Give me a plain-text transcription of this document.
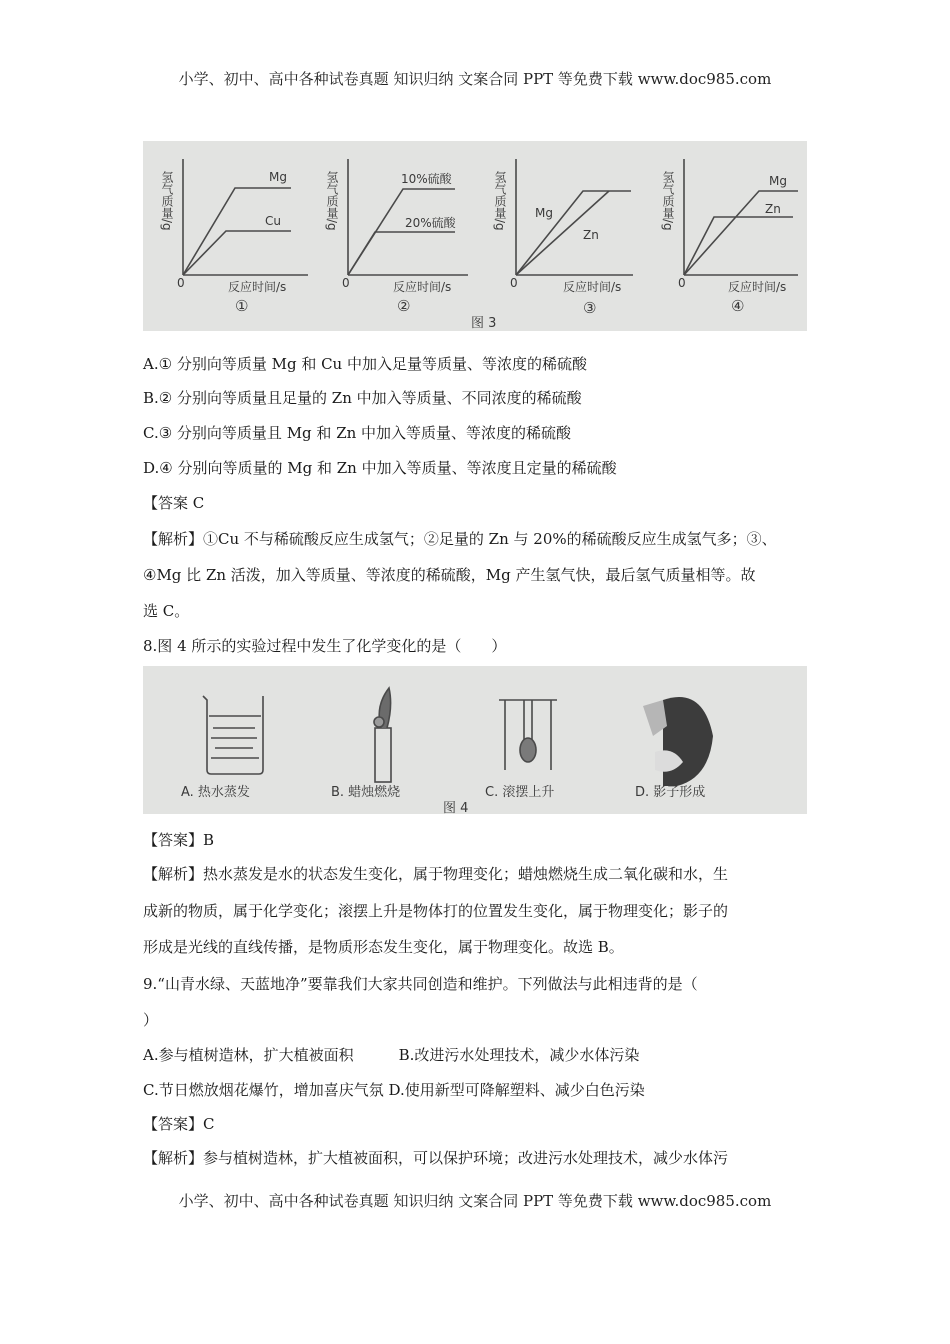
小学、初中、高中各种试卷真题 知识归纳 文案合同 PPT 等免费下载 www.doc985.com
氢气质量/g	氢气质量/g	氢气质量/g	氢气质量/g
0	0	0	0
反应时间/s	反应时间/s	反应时间/s	反应时间/s
Mg
Cu
10%硫酸
20%硫酸
Mg
Zn
Mg
Zn
①	②	③	④
图 3
A.① 分别向等质量 Mg 和 Cu 中加入足量等质量、等浓度的稀硫酸
B.② 分别向等质量且足量的 Zn 中加入等质量、不同浓度的稀硫酸
C.③ 分别向等质量且 Mg 和 Zn 中加入等质量、等浓度的稀硫酸
D.④ 分别向等质量的 Mg 和 Zn 中加入等质量、等浓度且定量的稀硫酸
【答案 C
【解析】①Cu 不与稀硫酸反应生成氢气；②足量的 Zn 与 20%的稀硫酸反应生成氢气多；③、
④Mg 比 Zn 活泼，加入等质量、等浓度的稀硫酸，Mg 产生氢气快，最后氢气质量相等。故
选 C。
8.图 4 所示的实验过程中发生了化学变化的是（　　）
A. 热水蒸发	B. 蜡烛燃烧	C. 滚摆上升	D. 影子形成
图 4
【答案】B
【解析】热水蒸发是水的状态发生变化，属于物理变化；蜡烛燃烧生成二氧化碳和水，生
成新的物质，属于化学变化；滚摆上升是物体打的位置发生变化，属于物理变化；影子的
形成是光线的直线传播，是物质形态发生变化，属于物理变化。故选 B。
9.“山青水绿、天蓝地净”要靠我们大家共同创造和维护。下列做法与此相违背的是（
）
A.参与植树造林，扩大植被面积　　　B.改进污水处理技术，减少水体污染
C.节日燃放烟花爆竹，增加喜庆气氛 D.使用新型可降解塑料、减少白色污染
【答案】C
【解析】参与植树造林，扩大植被面积，可以保护环境；改进污水处理技术，减少水体污
小学、初中、高中各种试卷真题 知识归纳 文案合同 PPT 等免费下载 www.doc985.com
